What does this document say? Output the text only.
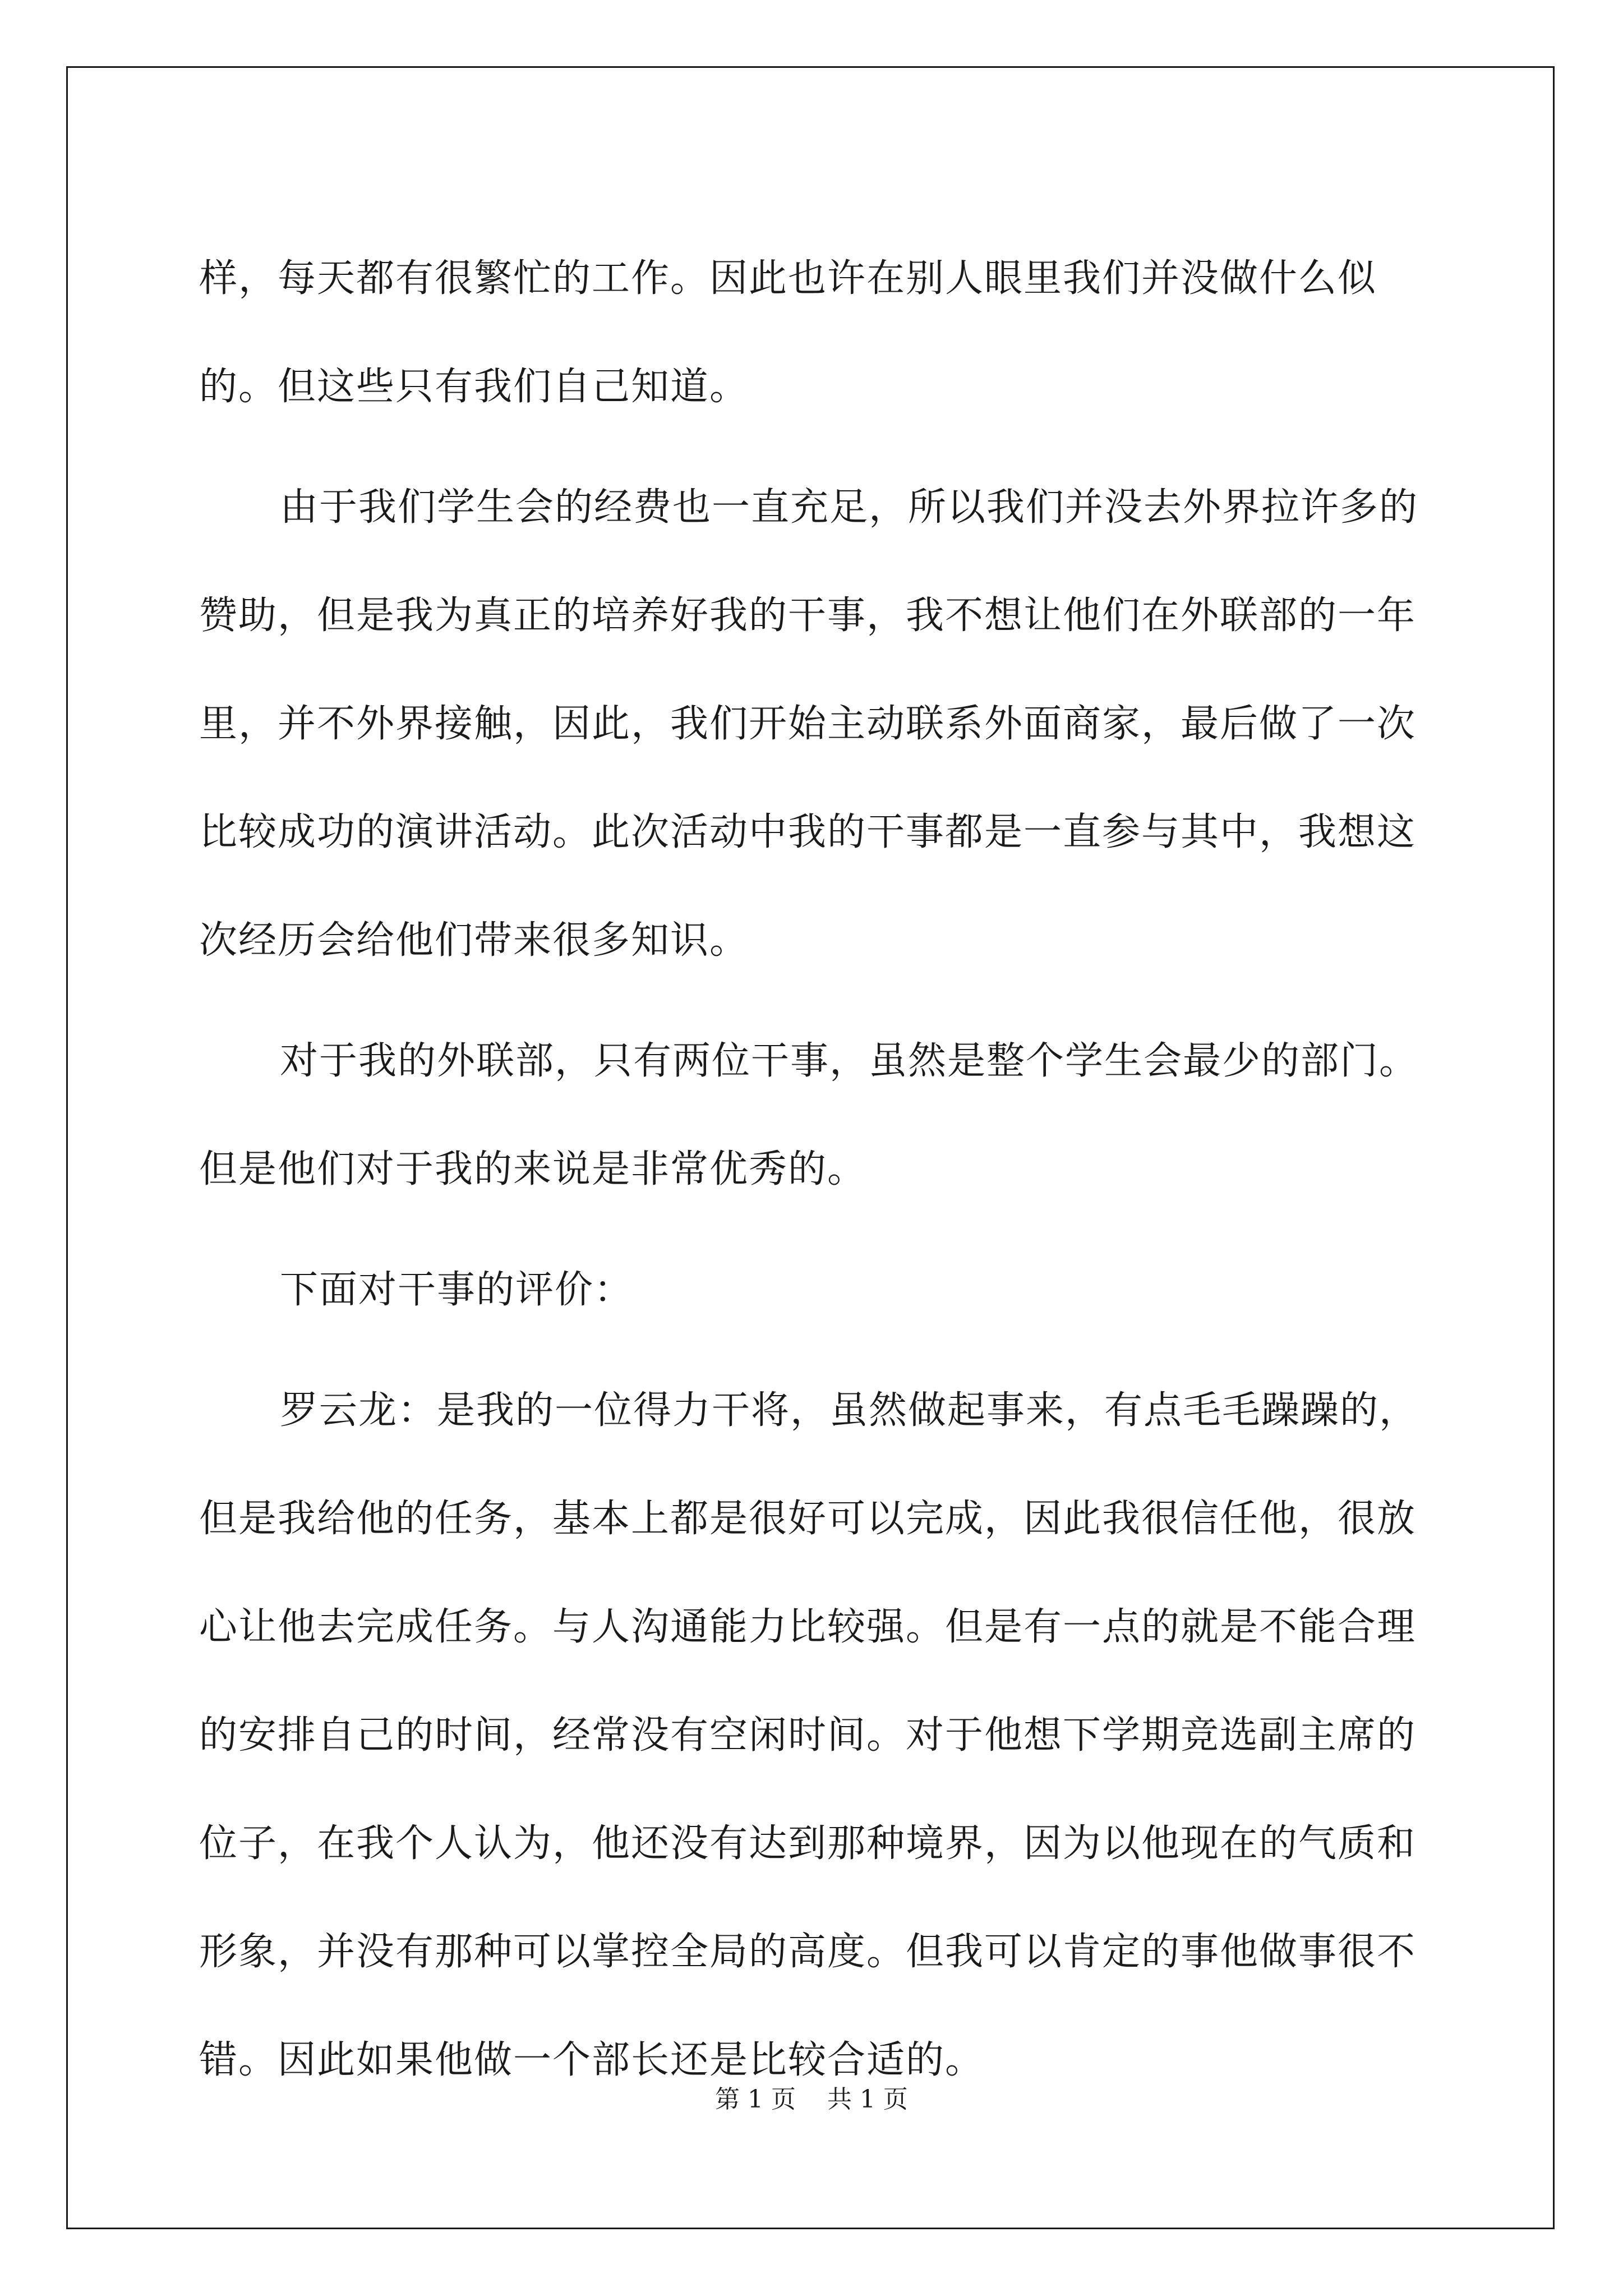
样，每天都有很繁忙的工作。因此也许在别人眼里我们并没做什么似的。但这些只有我们自己知道。

由于我们学生会的经费也一直充足，所以我们并没去外界拉许多的赞助，但是我为真正的培养好我的干事，我不想让他们在外联部的一年里，并不外界接触，因此，我们开始主动联系外面商家，最后做了一次比较成功的演讲活动。此次活动中我的干事都是一直参与其中，我想这次经历会给他们带来很多知识。

对于我的外联部，只有两位干事，虽然是整个学生会最少的部门。但是他们对于我的来说是非常优秀的。

下面对干事的评价：

罗云龙：是我的一位得力干将，虽然做起事来，有点毛毛躁躁的，但是我给他的任务，基本上都是很好可以完成，因此我很信任他，很放心让他去完成任务。与人沟通能力比较强。但是有一点的就是不能合理的安排自己的时间，经常没有空闲时间。对于他想下学期竞选副主席的位子，在我个人认为，他还没有达到那种境界，因为以他现在的气质和形象，并没有那种可以掌控全局的高度。但我可以肯定的事他做事很不错。因此如果他做一个部长还是比较合适的。

第 1 页    共 1 页
